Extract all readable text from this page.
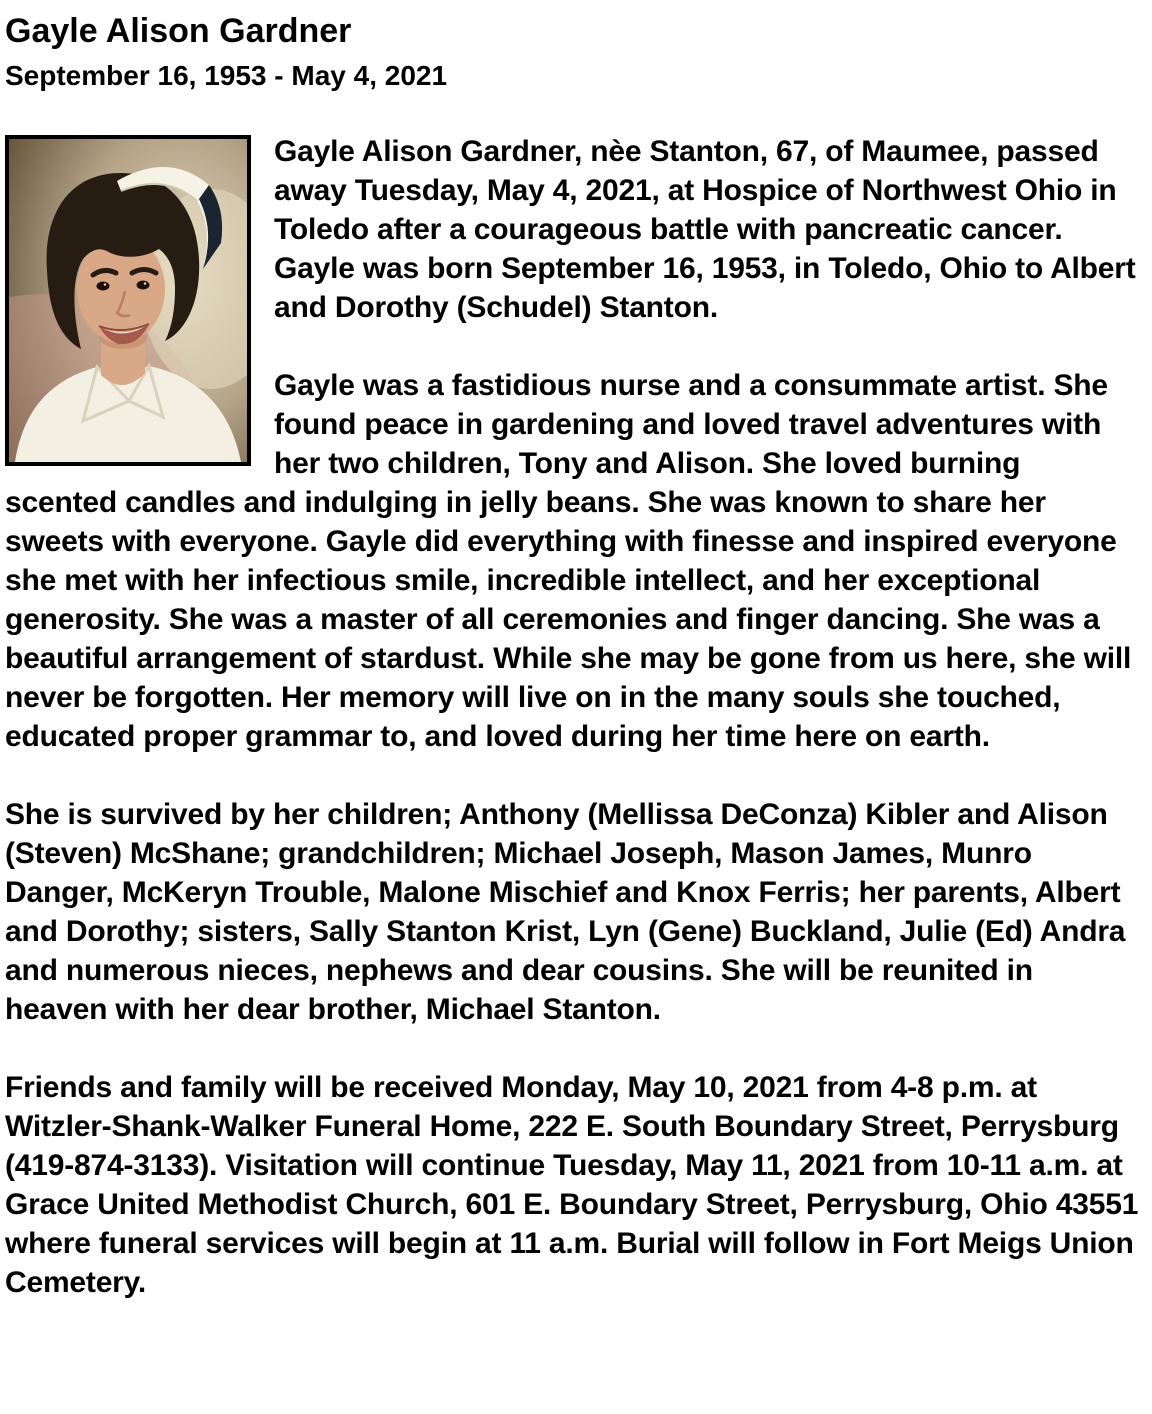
Gayle Alison Gardner
September 16, 1953 - May 4, 2021

Gayle Alison Gardner, nèe Stanton, 67, of Maumee, passed away Tuesday, May 4, 2021, at Hospice of Northwest Ohio in Toledo after a courageous battle with pancreatic cancer. Gayle was born September 16, 1953, in Toledo, Ohio to Albert and Dorothy (Schudel) Stanton.

Gayle was a fastidious nurse and a consummate artist. She found peace in gardening and loved travel adventures with her two children, Tony and Alison. She loved burning scented candles and indulging in jelly beans. She was known to share her sweets with everyone. Gayle did everything with finesse and inspired everyone she met with her infectious smile, incredible intellect, and her exceptional generosity. She was a master of all ceremonies and finger dancing. She was a beautiful arrangement of stardust. While she may be gone from us here, she will never be forgotten. Her memory will live on in the many souls she touched, educated proper grammar to, and loved during her time here on earth.

She is survived by her children; Anthony (Mellissa DeConza) Kibler and Alison (Steven) McShane; grandchildren; Michael Joseph, Mason James, Munro Danger, McKeryn Trouble, Malone Mischief and Knox Ferris; her parents, Albert and Dorothy; sisters, Sally Stanton Krist, Lyn (Gene) Buckland, Julie (Ed) Andra and numerous nieces, nephews and dear cousins. She will be reunited in heaven with her dear brother, Michael Stanton.

Friends and family will be received Monday, May 10, 2021 from 4-8 p.m. at Witzler-Shank-Walker Funeral Home, 222 E. South Boundary Street, Perrysburg (419-874-3133). Visitation will continue Tuesday, May 11, 2021 from 10-11 a.m. at Grace United Methodist Church, 601 E. Boundary Street, Perrysburg, Ohio 43551 where funeral services will begin at 11 a.m. Burial will follow in Fort Meigs Union Cemetery.
